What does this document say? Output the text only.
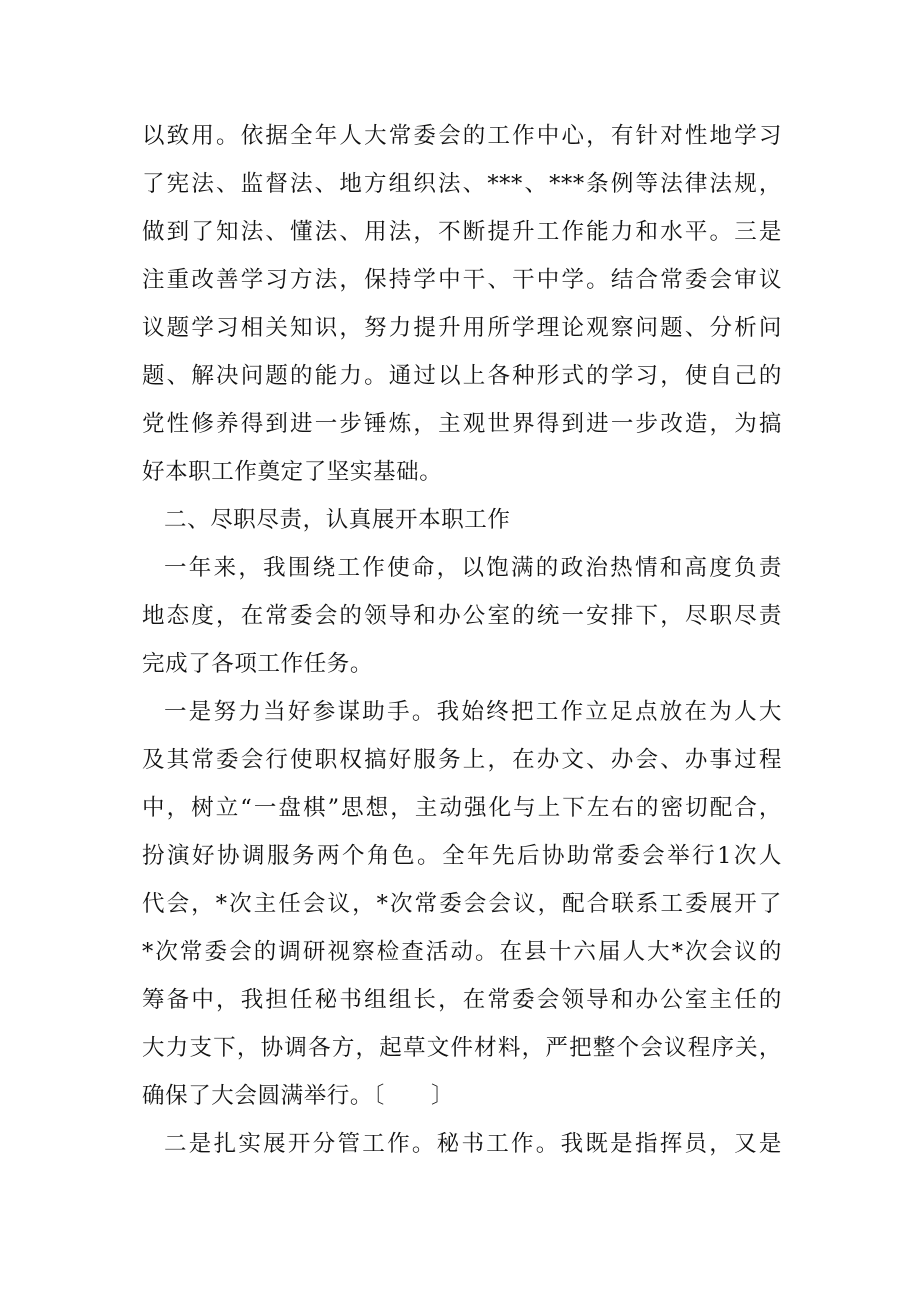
以致用。依据全年人大常委会的工作中心，有针对性地学习
了宪法、监督法、地方组织法、***、***条例等法律法规，
做到了知法、懂法、用法，不断提升工作能力和水平。三是
注重改善学习方法，保持学中干、干中学。结合常委会审议
议题学习相关知识，努力提升用所学理论观察问题、分析问
题、解决问题的能力。通过以上各种形式的学习，使自己的
党性修养得到进一步锤炼，主观世界得到进一步改造，为搞
好本职工作奠定了坚实基础。
二、尽职尽责，认真展开本职工作
一年来，我围绕工作使命，以饱满的政治热情和高度负责
地态度，在常委会的领导和办公室的统一安排下，尽职尽责
完成了各项工作任务。
一是努力当好参谋助手。我始终把工作立足点放在为人大
及其常委会行使职权搞好服务上，在办文、办会、办事过程
中，树立“一盘棋”思想，主动强化与上下左右的密切配合，
扮演好协调服务两个角色。全年先后协助常委会举行1次人
代会，*次主任会议，*次常委会会议，配合联系工委展开了
*次常委会的调研视察检查活动。在县十六届人大*次会议的
筹备中，我担任秘书组组长，在常委会领导和办公室主任的
大力支下，协调各方，起草文件材料，严把整个会议程序关，
确保了大会圆满举行。〔　　〕
二是扎实展开分管工作。秘书工作。我既是指挥员，又是
